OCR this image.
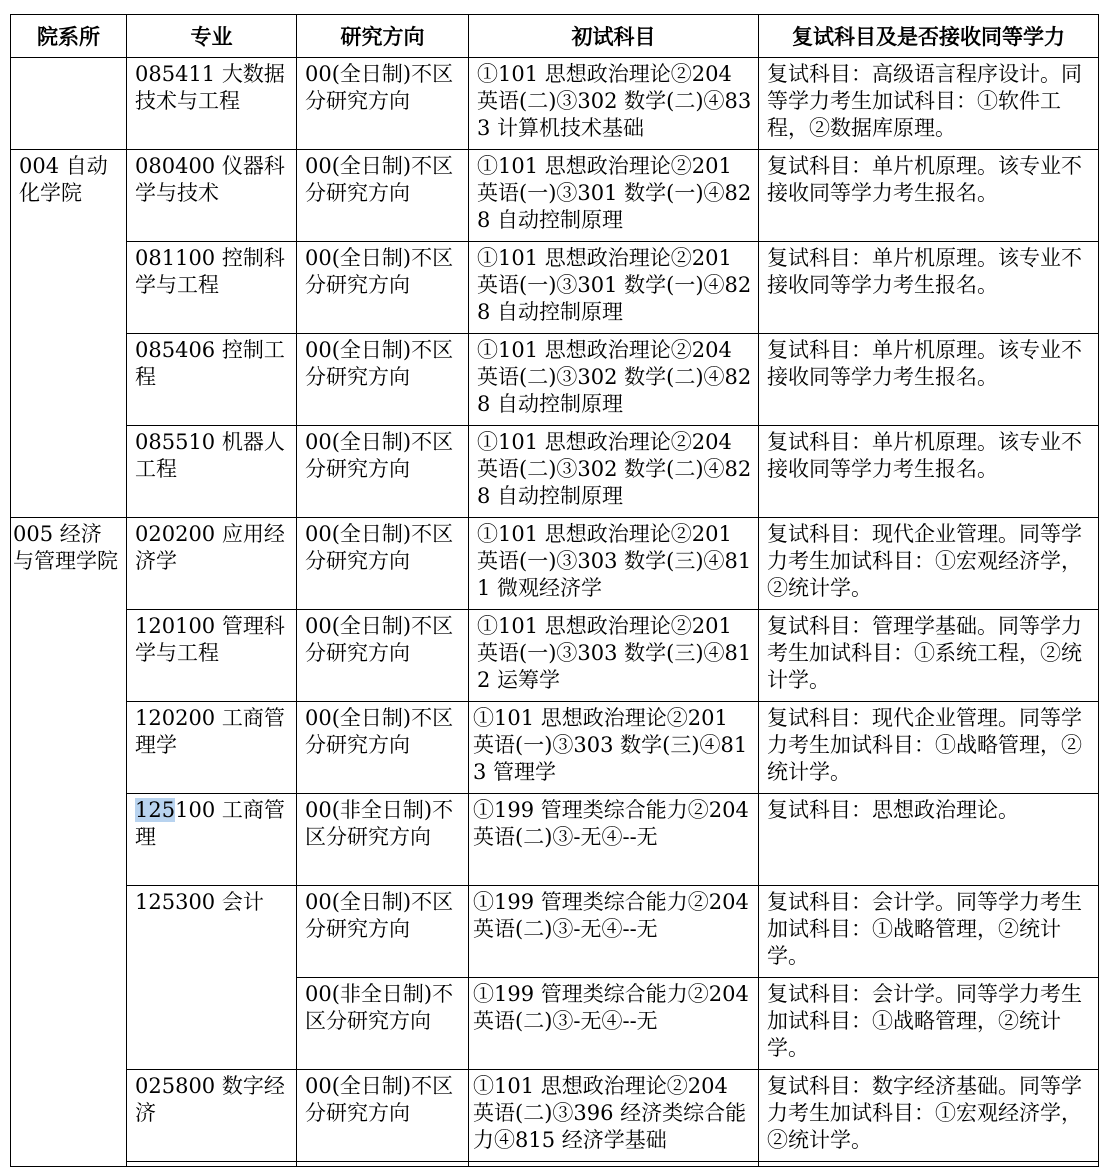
院系所	专业	研究方向	初试科目	复试科目及是否接收同等学力	
	085411 大数据技术与工程	00(全日制)不区分研究方向	①101 思想政治理论②204 英语(二)③302 数学(二)④833 计算机技术基础	复试科目：高级语言程序设计。同等学力考生加试科目：①软件工程，②数据库原理。	
004 自动化学院	080400 仪器科学与技术	00(全日制)不区分研究方向	①101 思想政治理论②201 英语(一)③301 数学(一)④828 自动控制原理	复试科目：单片机原理。该专业不接收同等学力考生报名。	
	081100 控制科学与工程	00(全日制)不区分研究方向	①101 思想政治理论②201 英语(一)③301 数学(一)④828 自动控制原理	复试科目：单片机原理。该专业不接收同等学力考生报名。	
	085406 控制工程	00(全日制)不区分研究方向	①101 思想政治理论②204 英语(二)③302 数学(二)④828 自动控制原理	复试科目：单片机原理。该专业不接收同等学力考生报名。	
	085510 机器人工程	00(全日制)不区分研究方向	①101 思想政治理论②204 英语(二)③302 数学(二)④828 自动控制原理	复试科目：单片机原理。该专业不接收同等学力考生报名。	
005 经济与管理学院	020200 应用经济学	00(全日制)不区分研究方向	①101 思想政治理论②201 英语(一)③303 数学(三)④811 微观经济学	复试科目：现代企业管理。同等学力考生加试科目：①宏观经济学，②统计学。	
	120100 管理科学与工程	00(全日制)不区分研究方向	①101 思想政治理论②201 英语(一)③303 数学(三)④812 运筹学	复试科目：管理学基础。同等学力考生加试科目：①系统工程，②统计学。	
	120200 工商管理学	00(全日制)不区分研究方向	①101 思想政治理论②201 英语(一)③303 数学(三)④813 管理学	复试科目：现代企业管理。同等学力考生加试科目：①战略管理，②统计学。	
	125100 工商管理	00(非全日制)不区分研究方向	①199 管理类综合能力②204 英语(二)③-无④--无	复试科目：思想政治理论。	
	125300 会计	00(全日制)不区分研究方向	①199 管理类综合能力②204 英语(二)③-无④--无	复试科目：会计学。同等学力考生加试科目：①战略管理，②统计学。	
		00(非全日制)不区分研究方向	①199 管理类综合能力②204 英语(二)③-无④--无	复试科目：会计学。同等学力考生加试科目：①战略管理，②统计学。	
	025800 数字经济	00(全日制)不区分研究方向	①101 思想政治理论②204 英语(二)③396 经济类综合能力④815 经济学基础	复试科目：数字经济基础。同等学力考生加试科目：①宏观经济学，②统计学。	
